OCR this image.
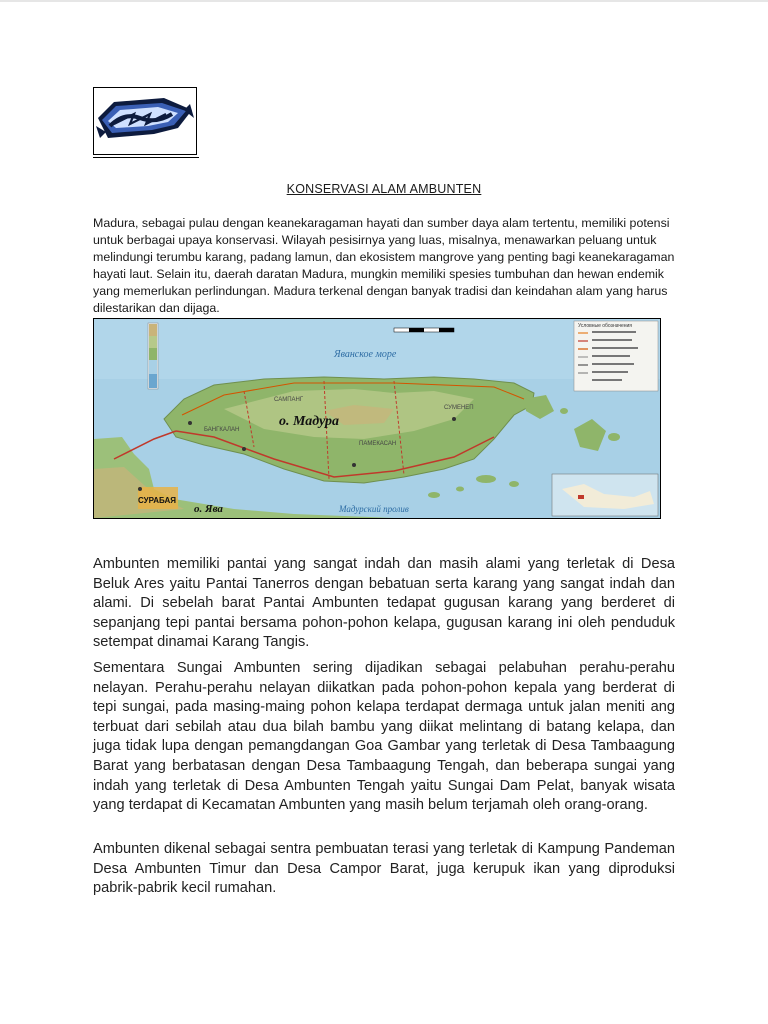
KONSERVASI ALAM AMBUNTEN

Madura, sebagai pulau dengan keanekaragaman hayati dan sumber daya alam tertentu, memiliki potensi untuk berbagai upaya konservasi. Wilayah pesisirnya yang luas, misalnya, menawarkan peluang untuk melindungi terumbu karang, padang lamun, dan ekosistem mangrove yang penting bagi keanekaragaman hayati laut. Selain itu, daerah daratan Madura, mungkin memiliki spesies tumbuhan dan hewan endemik yang memerlukan perlindungan. Madura terkenal dengan banyak tradisi dan keindahan alam yang harus dilestarikan dan dijaga.

Яванское море
о. Мадура
о. Ява	Мадурский пролив
СУРАБАЯ
БАНГКАЛАН
САМПАНГ
ПАМЕКАСАН
СУМЕНЕП
Условные обозначения

Ambunten memiliki pantai yang sangat indah dan masih alami yang terletak di Desa Beluk Ares yaitu Pantai Tanerros dengan bebatuan serta karang yang sangat indah dan alami. Di sebelah barat Pantai Ambunten tedapat gugusan karang yang berderet di sepanjang tepi pantai bersama pohon-pohon kelapa, gugusan karang ini oleh penduduk setempat dinamai Karang Tangis.

Sementara Sungai Ambunten sering dijadikan sebagai pelabuhan perahu-perahu nelayan. Perahu-perahu nelayan diikatkan pada pohon-pohon kepala yang berderat di tepi sungai, pada masing-maing pohon kelapa terdapat dermaga untuk jalan meniti ang terbuat dari sebilah atau dua bilah bambu yang diikat melintang di batang kelapa, dan juga tidak lupa dengan pemangdangan Goa Gambar yang terletak di Desa Tambaagung Barat yang berbatasan dengan Desa Tambaagung Tengah, dan beberapa sungai yang indah yang terletak di Desa Ambunten Tengah yaitu Sungai Dam Pelat, banyak wisata yang terdapat di Kecamatan Ambunten yang masih belum terjamah oleh orang-orang.

Ambunten dikenal sebagai sentra pembuatan terasi yang terletak di Kampung Pandeman Desa Ambunten Timur dan Desa Campor Barat, juga kerupuk ikan yang diproduksi pabrik-pabrik kecil rumahan.
